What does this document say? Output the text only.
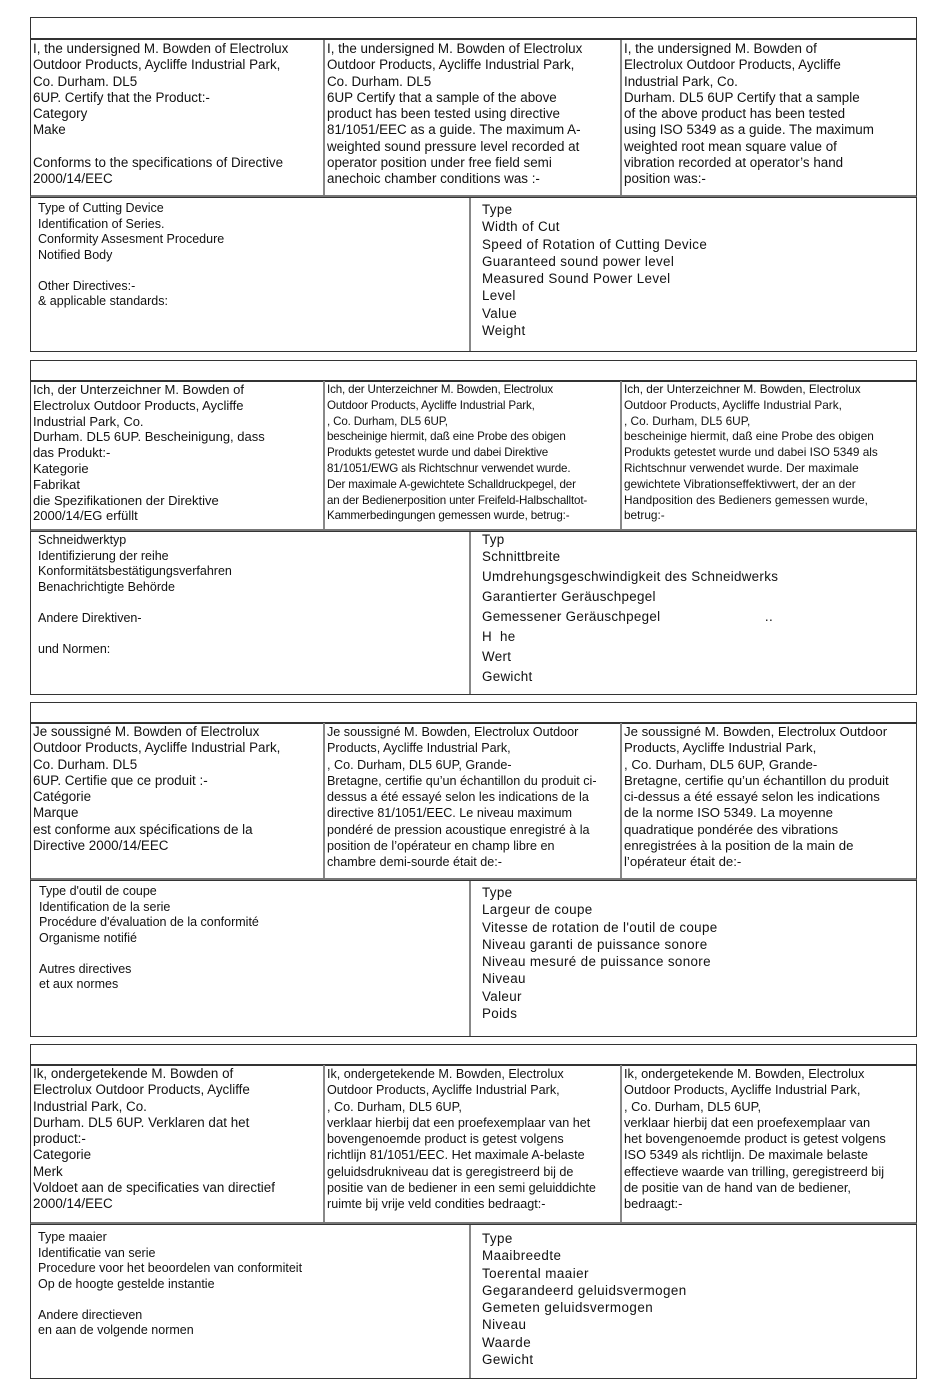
I, the undersigned M. Bowden of Electrolux
Outdoor Products, Aycliffe Industrial Park,
Co. Durham. DL5
6UP. Certify that the Product:-
Category
Make

Conforms to the specifications of Directive
2000/14/EEC
I, the undersigned M. Bowden of Electrolux
Outdoor Products, Aycliffe Industrial Park,
Co. Durham. DL5
6UP Certify that a sample of the above
product has been tested using directive
81/1051/EEC as a guide. The maximum A-
weighted sound pressure level recorded at
operator position under free field semi
anechoic chamber conditions was :-
I, the undersigned M. Bowden of
Electrolux Outdoor Products, Aycliffe
Industrial Park, Co.
Durham. DL5 6UP Certify that a sample
of the above product has been tested
using ISO 5349 as a guide. The maximum
weighted root mean square value of
vibration recorded at operator’s hand
position was:-
Type of Cutting Device
Identification of Series.
Conformity Assesment Procedure
Notified Body
Other Directives:-
& applicable standards:
Type
Width of Cut
Speed of Rotation of Cutting Device
Guaranteed sound power level
Measured Sound Power Level
Level
Value
Weight
Ich, der Unterzeichner M. Bowden of
Electrolux Outdoor Products, Aycliffe
Industrial Park, Co.
Durham. DL5 6UP. Bescheinigung, dass
das Produkt:-
Kategorie
Fabrikat
die Spezifikationen der Direktive
2000/14/EG erfüllt
Ich, der Unterzeichner M. Bowden, Electrolux
Outdoor Products, Aycliffe Industrial Park,
, Co. Durham, DL5 6UP,
bescheinige hiermit, daß eine Probe des obigen
Produkts getestet wurde und dabei Direktive
81/1051/EWG als Richtschnur verwendet wurde.
Der maximale A-gewichtete Schalldruckpegel, der
an der Bedienerposition unter Freifeld-Halbschalltot-
Kammerbedingungen gemessen wurde, betrug:-
Ich, der Unterzeichner M. Bowden, Electrolux
Outdoor Products, Aycliffe Industrial Park,
, Co. Durham, DL5 6UP,
bescheinige hiermit, daß eine Probe des obigen
Produkts getestet wurde und dabei ISO 5349 als
Richtschnur verwendet wurde. Der maximale
gewichtete Vibrationseffektivwert, der an der
Handposition des Bedieners gemessen wurde,
betrug:-
Schneidwerktyp
Identifizierung der reihe
Konformitätsbestätigungsverfahren
Benachrichtigte Behörde
Andere Direktiven-
und Normen:
Typ
Schnittbreite
Umdrehungsgeschwindigkeit des Schneidwerks
Garantierter Geräuschpegel
Gemessener Geräuschpegel                          ..
H  he
Wert
Gewicht
Je soussigné M. Bowden of Electrolux
Outdoor Products, Aycliffe Industrial Park,
Co. Durham. DL5
6UP. Certifie que ce produit :-
Catégorie
Marque
est conforme aux spécifications de la
Directive 2000/14/EEC
Je soussigné M. Bowden, Electrolux Outdoor
Products, Aycliffe Industrial Park,
, Co. Durham, DL5 6UP, Grande-
Bretagne, certifie qu’un échantillon du produit ci-
dessus a été essayé selon les indications de la
directive 81/1051/EEC. Le niveau maximum
pondéré de pression acoustique enregistré à la
position de l’opérateur en champ libre en
chambre demi-sourde était de:-
Je soussigné M. Bowden, Electrolux Outdoor
Products, Aycliffe Industrial Park,
, Co. Durham, DL5 6UP, Grande-
Bretagne, certifie qu’un échantillon du produit
ci-dessus a été essayé selon les indications
de la norme ISO 5349. La moyenne
quadratique pondérée des vibrations
enregistrées à la position de la main de
l’opérateur était de:-
Type d'outil de coupe
Identification de la serie
Procédure d'évaluation de la conformité
Organisme notifié
Autres directives
et aux normes
Type
Largeur de coupe
Vitesse de rotation de l'outil de coupe
Niveau garanti de puissance sonore
Niveau mesuré de puissance sonore
Niveau
Valeur
Poids
Ik, ondergetekende M. Bowden of
Electrolux Outdoor Products, Aycliffe
Industrial Park, Co.
Durham. DL5 6UP. Verklaren dat het
product:-
Categorie
Merk
Voldoet aan de specificaties van directief
2000/14/EEC
Ik, ondergetekende M. Bowden, Electrolux
Outdoor Products, Aycliffe Industrial Park,
, Co. Durham, DL5 6UP,
verklaar hierbij dat een proefexemplaar van het
bovengenoemde product is getest volgens
richtlijn 81/1051/EEC. Het maximale A-belaste
geluidsdrukniveau dat is geregistreerd bij de
positie van de bediener in een semi geluiddichte
ruimte bij vrije veld condities bedraagt:-
Ik, ondergetekende M. Bowden, Electrolux
Outdoor Products, Aycliffe Industrial Park,
, Co. Durham, DL5 6UP,
verklaar hierbij dat een proefexemplaar van
het bovengenoemde product is getest volgens
ISO 5349 als richtlijn. De maximale belaste
effectieve waarde van trilling, geregistreerd bij
de positie van de hand van de bediener,
bedraagt:-
Type maaier
Identificatie van serie
Procedure voor het beoordelen van conformiteit
Op de hoogte gestelde instantie
Andere directieven
en aan de volgende normen
Type
Maaibreedte
Toerental maaier
Gegarandeerd geluidsvermogen
Gemeten geluidsvermogen
Niveau
Waarde
Gewicht
